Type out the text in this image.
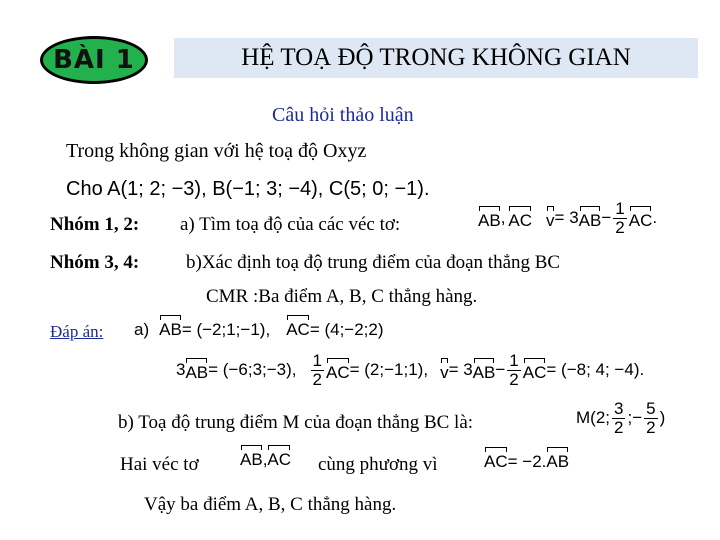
BÀI 1	HỆ TOẠ ĐỘ TRONG KHÔNG GIAN
Câu hỏi thảo luận
Trong không gian với hệ toạ độ Oxyz
Cho A(1; 2; −3), B(−1; 3; −4), C(5; 0; −1).
Nhóm 1, 2: a) Tìm toạ độ của các véc tơ:	AB , AC v = 3 AB − $\frac{1}{2}$ AC .
Nhóm 3, 4: b)Xác định toạ độ trung điểm của đoạn thẳng BC
CMR :Ba điểm A, B, C thẳng hàng.
Đáp án: a) AB = (−2;1;−1), AC = (4;−2;2)
3 AB = (−6;3;−3), $\frac{1}{2}$ AC = (2;−1;1), v = 3 AB − $\frac{1}{2}$ AC = (−8; 4; −4).
b) Toạ độ trung điểm M của đoạn thẳng BC là:	M(2; $\frac{3}{2}$ ;− $\frac{5}{2}$ )
Hai véc tơ AB , AC cùng phương vì	AC = −2. AB
Vậy ba điểm A, B, C thẳng hàng.
